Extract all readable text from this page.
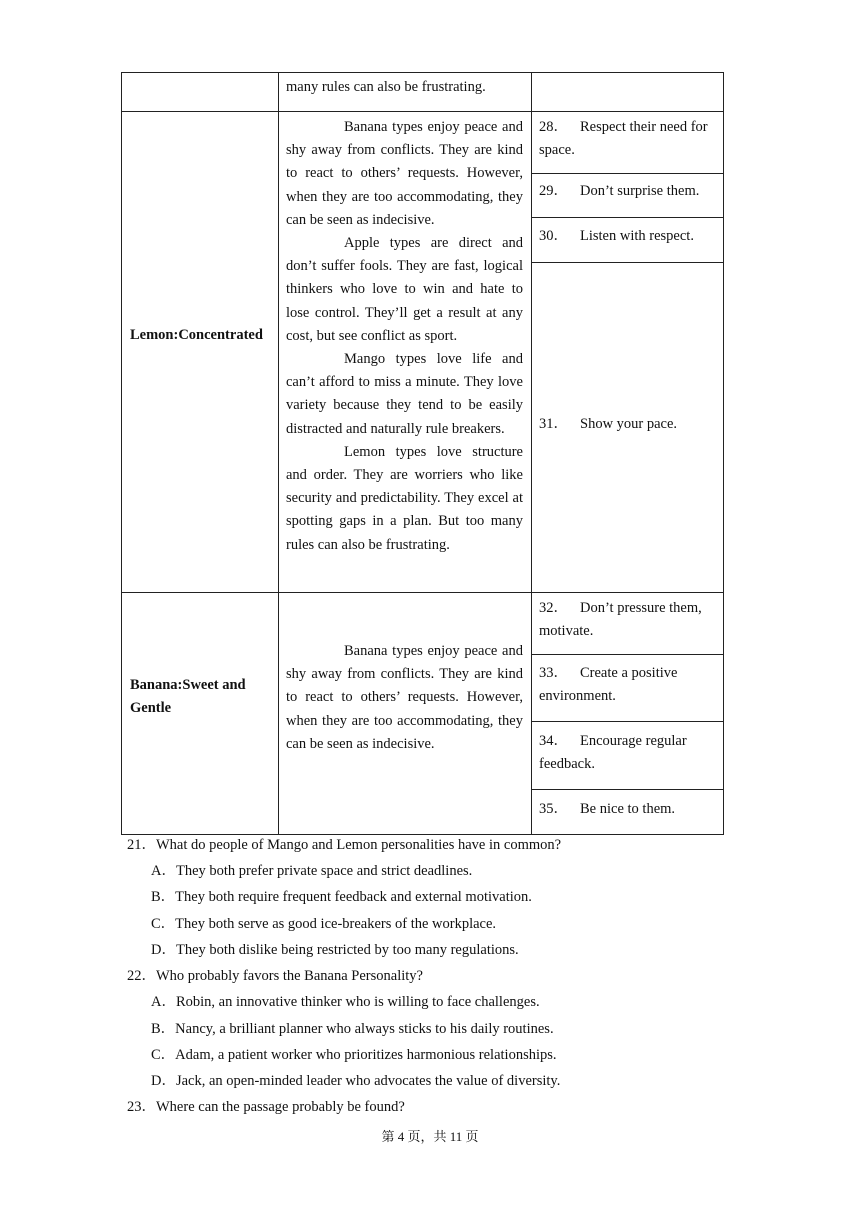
many rules can also be frustrating.
Lemon:Concentrated

Banana types enjoy peace and shy away from conflicts. They are kind to react to others’ requests. However, when they are too accommodating, they can be seen as indecisive.

Apple types are direct and don’t suffer fools. They are fast, logical thinkers who love to win and hate to lose control. They’ll get a result at any cost, but see conflict as sport.

Mango types love life and can’t afford to miss a minute. They love variety because they tend to be easily distracted and naturally rule breakers.

Lemon types love structure and order. They are worriers who like security and predictability. They excel at spotting gaps in a plan. But too many rules can also be frustrating.

28． Respect their need for space.
29． Don’t surprise them.
30． Listen with respect.
31． Show your pace.
Banana:Sweet and
Gentle

Banana types enjoy peace and shy away from conflicts. They are kind to react to others’ requests. However, when they are too accommodating, they can be seen as indecisive.

32． Don’t pressure them, motivate.
33． Create a positive environment.
34． Encourage regular feedback.
35． Be nice to them.
21．What do people of Mango and Lemon personalities have in common?
A．They both prefer private space and strict deadlines.
B．They both require frequent feedback and external motivation.
C．They both serve as good ice-breakers of the workplace.
D．They both dislike being restricted by too many regulations.
22．Who probably favors the Banana Personality?
A．Robin, an innovative thinker who is willing to face challenges.
B．Nancy, a brilliant planner who always sticks to his daily routines.
C．Adam, a patient worker who prioritizes harmonious relationships.
D．Jack, an open-minded leader who advocates the value of diversity.
23．Where can the passage probably be found?
第 4 页，共 11 页
